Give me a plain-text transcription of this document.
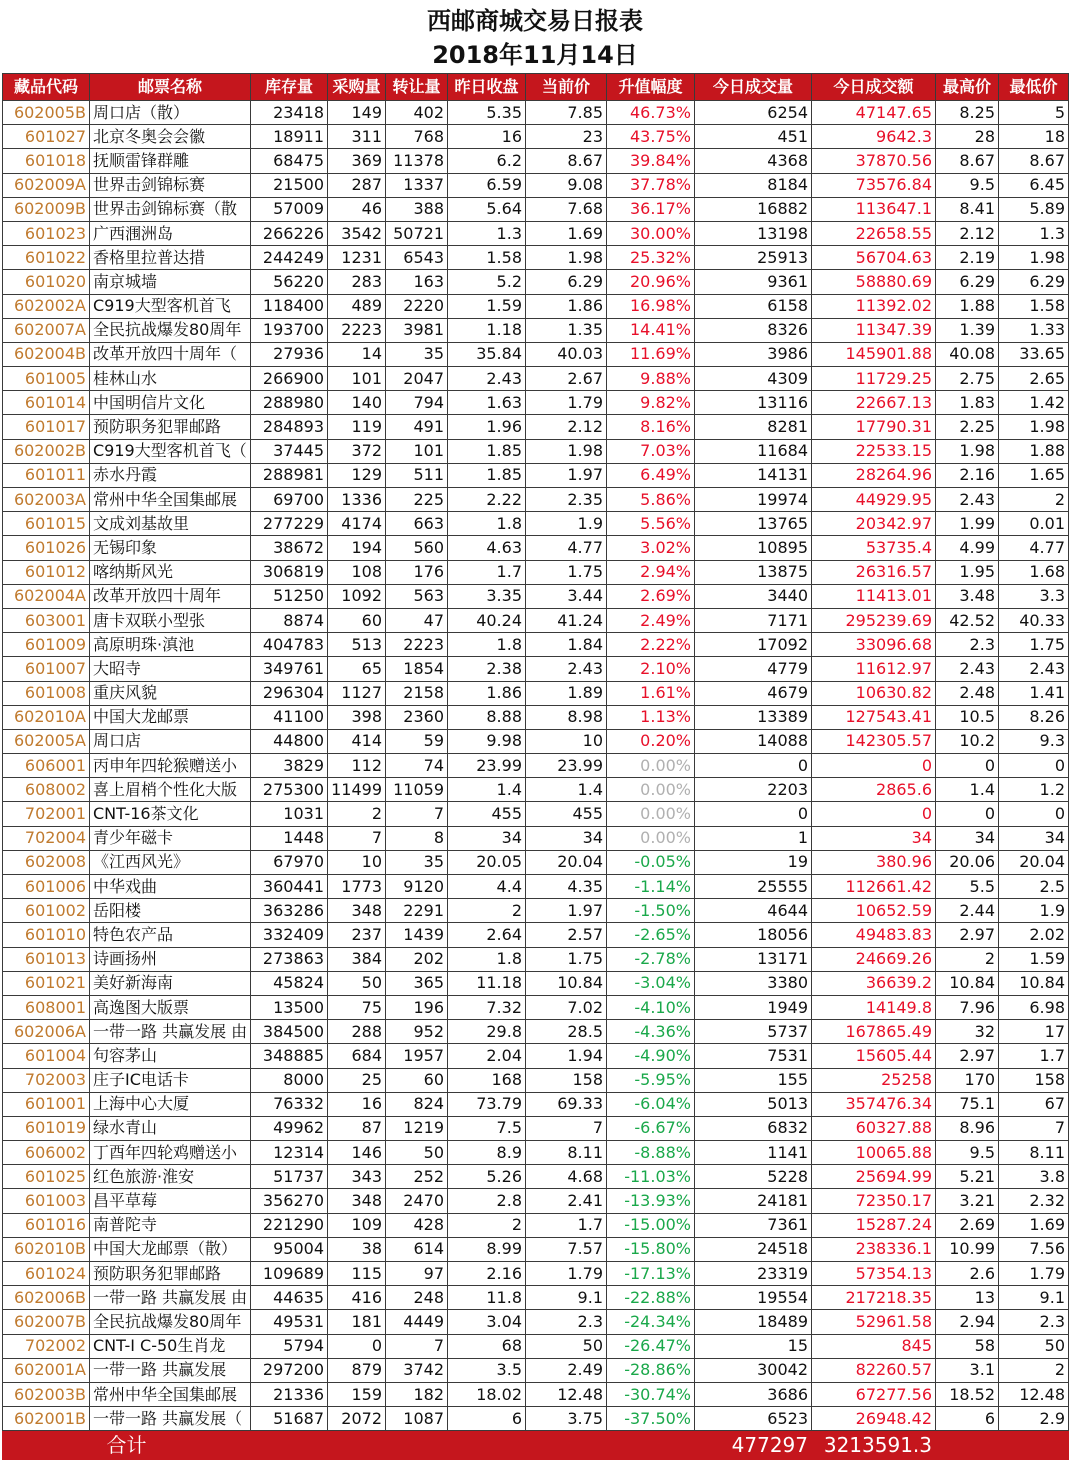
西邮商城交易日报表
2018年11月14日
藏品代码	邮票名称	库存量	采购量	转让量	昨日收盘	当前价	升值幅度	今日成交量	今日成交额	最高价	最低价
602005B	周口店（散）	23418	149	402	5.35	7.85	46.73%	6254	47147.65	8.25	5
601027	北京冬奥会会徽	18911	311	768	16	23	43.75%	451	9642.3	28	18
601018	抚顺雷锋群雕	68475	369	11378	6.2	8.67	39.84%	4368	37870.56	8.67	8.67
602009A	世界击剑锦标赛	21500	287	1337	6.59	9.08	37.78%	8184	73576.84	9.5	6.45
602009B	世界击剑锦标赛（散	57009	46	388	5.64	7.68	36.17%	16882	113647.1	8.41	5.89
601023	广西涠洲岛	266226	3542	50721	1.3	1.69	30.00%	13198	22658.55	2.12	1.3
601022	香格里拉普达措	244249	1231	6543	1.58	1.98	25.32%	25913	56704.63	2.19	1.98
601020	南京城墙	56220	283	163	5.2	6.29	20.96%	9361	58880.69	6.29	6.29
602002A	C919大型客机首飞	118400	489	2220	1.59	1.86	16.98%	6158	11392.02	1.88	1.58
602007A	全民抗战爆发80周年	193700	2223	3981	1.18	1.35	14.41%	8326	11347.39	1.39	1.33
602004B	改革开放四十周年（	27936	14	35	35.84	40.03	11.69%	3986	145901.88	40.08	33.65
601005	桂林山水	266900	101	2047	2.43	2.67	9.88%	4309	11729.25	2.75	2.65
601014	中国明信片文化	288980	140	794	1.63	1.79	9.82%	13116	22667.13	1.83	1.42
601017	预防职务犯罪邮路	284893	119	491	1.96	2.12	8.16%	8281	17790.31	2.25	1.98
602002B	C919大型客机首飞（	37445	372	101	1.85	1.98	7.03%	11684	22533.15	1.98	1.88
601011	赤水丹霞	288981	129	511	1.85	1.97	6.49%	14131	28264.96	2.16	1.65
602003A	常州中华全国集邮展	69700	1336	225	2.22	2.35	5.86%	19974	44929.95	2.43	2
601015	文成刘基故里	277229	4174	663	1.8	1.9	5.56%	13765	20342.97	1.99	0.01
601026	无锡印象	38672	194	560	4.63	4.77	3.02%	10895	53735.4	4.99	4.77
601012	喀纳斯风光	306819	108	176	1.7	1.75	2.94%	13875	26316.57	1.95	1.68
602004A	改革开放四十周年	51250	1092	563	3.35	3.44	2.69%	3440	11413.01	3.48	3.3
603001	唐卡双联小型张	8874	60	47	40.24	41.24	2.49%	7171	295239.69	42.52	40.33
601009	高原明珠·滇池	404783	513	2223	1.8	1.84	2.22%	17092	33096.68	2.3	1.75
601007	大昭寺	349761	65	1854	2.38	2.43	2.10%	4779	11612.97	2.43	2.43
601008	重庆风貌	296304	1127	2158	1.86	1.89	1.61%	4679	10630.82	2.48	1.41
602010A	中国大龙邮票	41100	398	2360	8.88	8.98	1.13%	13389	127543.41	10.5	8.26
602005A	周口店	44800	414	59	9.98	10	0.20%	14088	142305.57	10.2	9.3
606001	丙申年四轮猴赠送小	3829	112	74	23.99	23.99	0.00%	0	0	0	0
608002	喜上眉梢个性化大版	275300	11499	11059	1.4	1.4	0.00%	2203	2865.6	1.4	1.2
702001	CNT-16茶文化	1031	2	7	455	455	0.00%	0	0	0	0
702004	青少年磁卡	1448	7	8	34	34	0.00%	1	34	34	34
602008	《江西风光》	67970	10	35	20.05	20.04	-0.05%	19	380.96	20.06	20.04
601006	中华戏曲	360441	1773	9120	4.4	4.35	-1.14%	25555	112661.42	5.5	2.5
601002	岳阳楼	363286	348	2291	2	1.97	-1.50%	4644	10652.59	2.44	1.9
601010	特色农产品	332409	237	1439	2.64	2.57	-2.65%	18056	49483.83	2.97	2.02
601013	诗画扬州	273863	384	202	1.8	1.75	-2.78%	13171	24669.26	2	1.59
601021	美好新海南	45824	50	365	11.18	10.84	-3.04%	3380	36639.2	10.84	10.84
608001	高逸图大版票	13500	75	196	7.32	7.02	-4.10%	1949	14149.8	7.96	6.98
602006A	一带一路 共赢发展 由	384500	288	952	29.8	28.5	-4.36%	5737	167865.49	32	17
601004	句容茅山	348885	684	1957	2.04	1.94	-4.90%	7531	15605.44	2.97	1.7
702003	庄子IC电话卡	8000	25	60	168	158	-5.95%	155	25258	170	158
601001	上海中心大厦	76332	16	824	73.79	69.33	-6.04%	5013	357476.34	75.1	67
601019	绿水青山	49962	87	1219	7.5	7	-6.67%	6832	60327.88	8.96	7
606002	丁酉年四轮鸡赠送小	12314	146	50	8.9	8.11	-8.88%	1141	10065.88	9.5	8.11
601025	红色旅游·淮安	51737	343	252	5.26	4.68	-11.03%	5228	25694.99	5.21	3.8
601003	昌平草莓	356270	348	2470	2.8	2.41	-13.93%	24181	72350.17	3.21	2.32
601016	南普陀寺	221290	109	428	2	1.7	-15.00%	7361	15287.24	2.69	1.69
602010B	中国大龙邮票（散）	95004	38	614	8.99	7.57	-15.80%	24518	238336.1	10.99	7.56
601024	预防职务犯罪邮路	109689	115	97	2.16	1.79	-17.13%	23319	57354.13	2.6	1.79
602006B	一带一路 共赢发展 由	44635	416	248	11.8	9.1	-22.88%	19554	217218.35	13	9.1
602007B	全民抗战爆发80周年	49531	181	4449	3.04	2.3	-24.34%	18489	52961.58	2.94	2.3
702002	CNT-I C-50生肖龙	5794	0	7	68	50	-26.47%	15	845	58	50
602001A	一带一路 共赢发展	297200	879	3742	3.5	2.49	-28.86%	30042	82260.57	3.1	2
602003B	常州中华全国集邮展	21336	159	182	18.02	12.48	-30.74%	3686	67277.56	18.52	12.48
602001B	一带一路 共赢发展（	51687	2072	1087	6	3.75	-37.50%	6523	26948.42	6	2.9
合计								477297	3213591.3		
